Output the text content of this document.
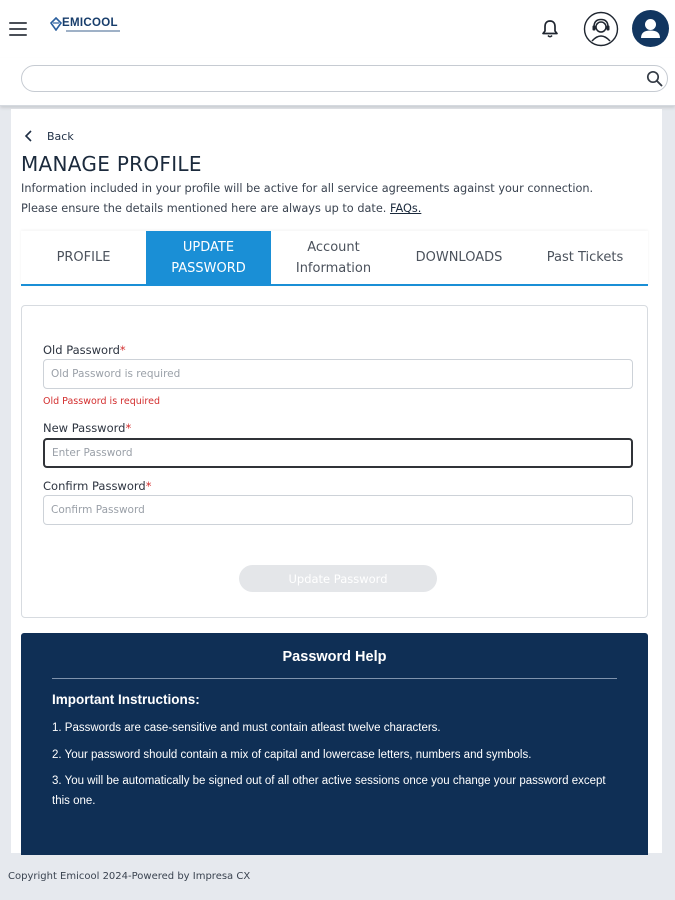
EMICOOL
Back
MANAGE PROFILE
Information included in your profile will be active for all service agreements against your connection.
Please ensure the details mentioned here are always up to date. FAQs.
PROFILE
UPDATE PASSWORD
Account Information
DOWNLOADS	Past Tickets
Old Password*
Old Password is required
New Password*
Confirm Password*
Update Password
Password Help
Important Instructions:
1. Passwords are case-sensitive and must contain atleast twelve characters.
2. Your password should contain a mix of capital and lowercase letters, numbers and symbols.
3. You will be automatically be signed out of all other active sessions once you change your password except this one.
Copyright Emicool 2024-Powered by Impresa CX
